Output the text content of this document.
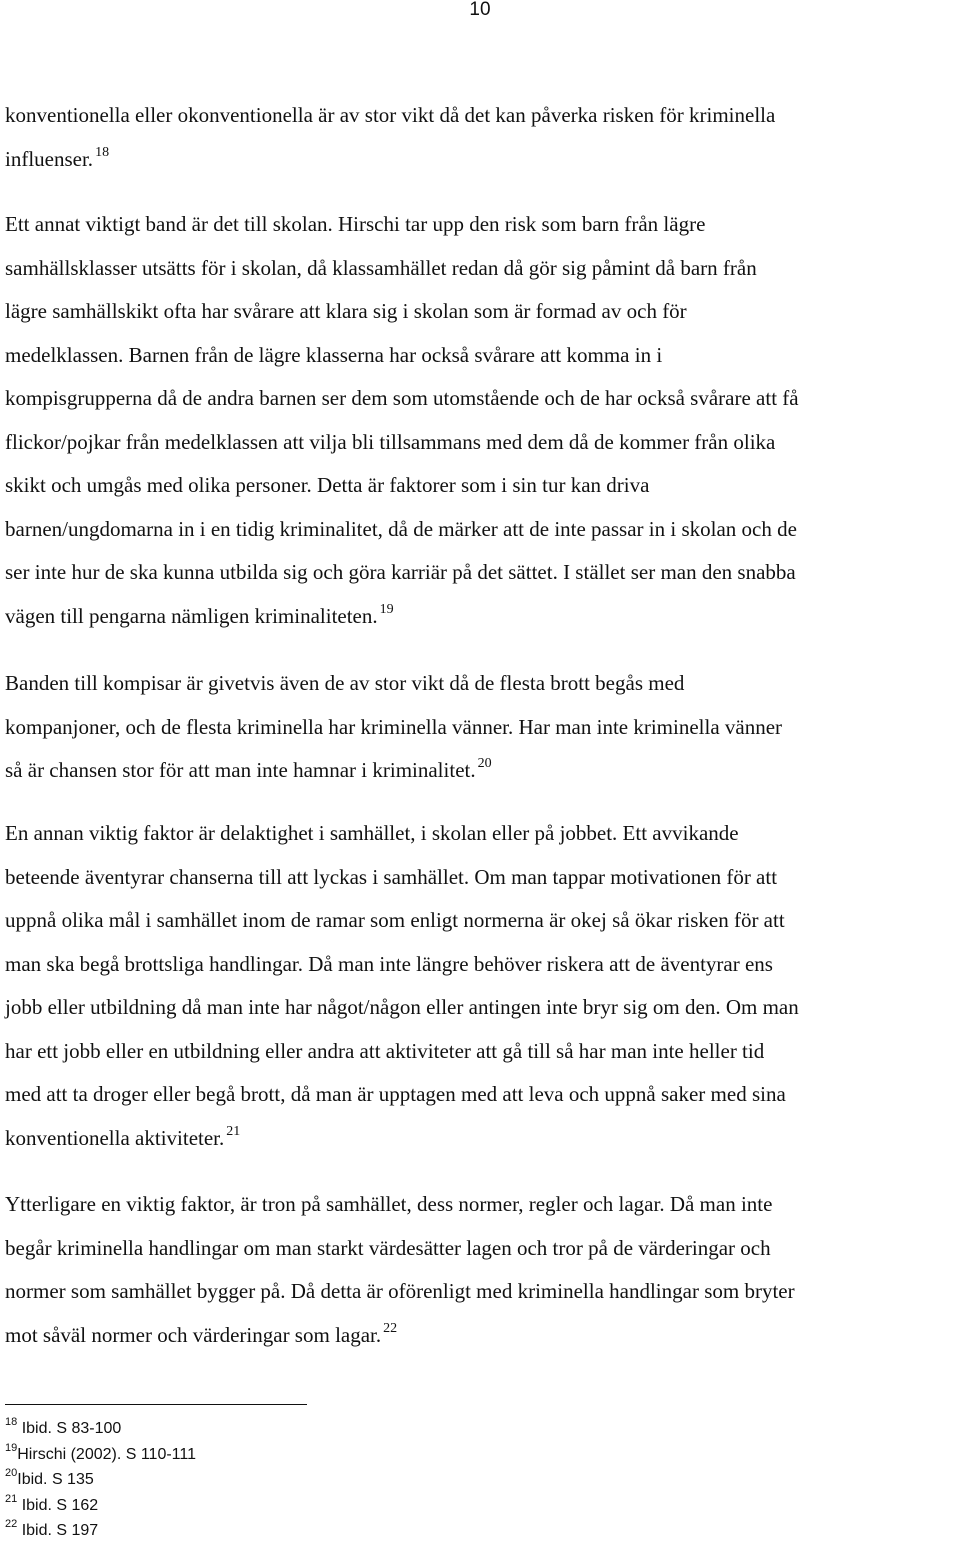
10

konventionella eller okonventionella är av stor vikt då det kan påverka risken för kriminella
influenser. $^{18}$

Ett annat viktigt band är det till skolan. Hirschi tar upp den risk som barn från lägre
samhällsklasser utsätts för i skolan, då klassamhället redan då gör sig påmint då barn från
lägre samhällskikt ofta har svårare att klara sig i skolan som är formad av och för
medelklassen. Barnen från de lägre klasserna har också svårare att komma in i
kompisgrupperna då de andra barnen ser dem som utomstående och de har också svårare att få
flickor/pojkar från medelklassen att vilja bli tillsammans med dem då de kommer från olika
skikt och umgås med olika personer. Detta är faktorer som i sin tur kan driva
barnen/ungdomarna in i en tidig kriminalitet, då de märker att de inte passar in i skolan och de
ser inte hur de ska kunna utbilda sig och göra karriär på det sättet. I stället ser man den snabba
vägen till pengarna nämligen kriminaliteten. $^{19}$

Banden till kompisar är givetvis även de av stor vikt då de flesta brott begås med
kompanjoner, och de flesta kriminella har kriminella vänner. Har man inte kriminella vänner
så är chansen stor för att man inte hamnar i kriminalitet. $^{20}$

En annan viktig faktor är delaktighet i samhället, i skolan eller på jobbet. Ett avvikande
beteende äventyrar chanserna till att lyckas i samhället. Om man tappar motivationen för att
uppnå olika mål i samhället inom de ramar som enligt normerna är okej så ökar risken för att
man ska begå brottsliga handlingar. Då man inte längre behöver riskera att de äventyrar ens
jobb eller utbildning då man inte har något/någon eller antingen inte bryr sig om den. Om man
har ett jobb eller en utbildning eller andra att aktiviteter att gå till så har man inte heller tid
med att ta droger eller begå brott, då man är upptagen med att leva och uppnå saker med sina
konventionella aktiviteter. $^{21}$

Ytterligare en viktig faktor, är tron på samhället, dess normer, regler och lagar. Då man inte
begår kriminella handlingar om man starkt värdesätter lagen och tror på de värderingar och
normer som samhället bygger på. Då detta är oförenligt med kriminella handlingar som bryter
mot såväl normer och värderingar som lagar. $^{22}$

$^{18}$ Ibid. S 83-100
$^{19}$Hirschi (2002). S 110-111
$^{20}$Ibid. S 135
$^{21}$ Ibid. S 162
$^{22}$ Ibid. S 197
